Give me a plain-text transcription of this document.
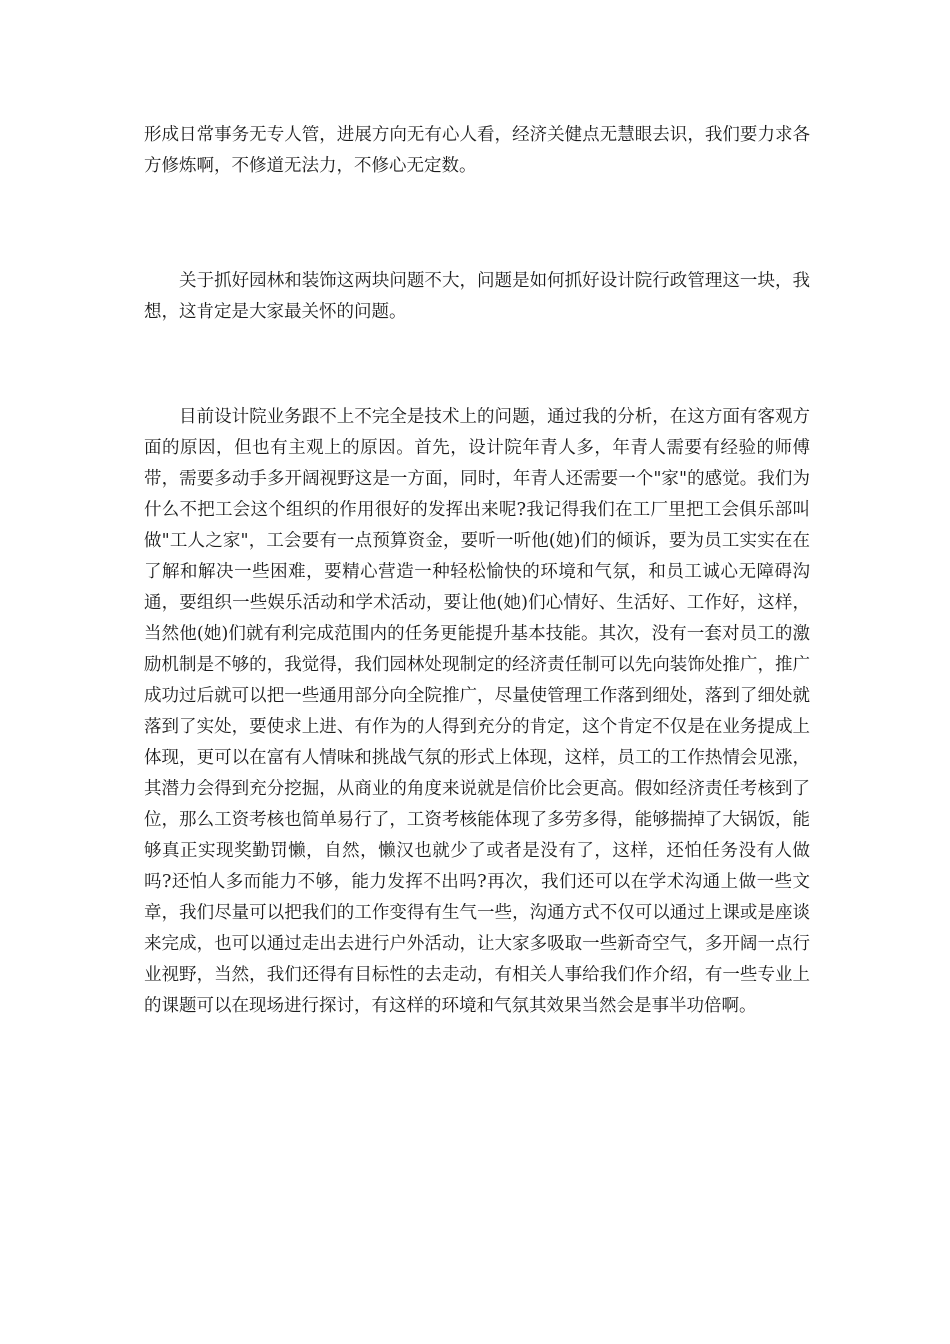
形成日常事务无专人管，进展方向无有心人看，经济关健点无慧眼去识，我们要力求各方修炼啊，不修道无法力，不修心无定数。

　　关于抓好园林和装饰这两块问题不大，问题是如何抓好设计院行政管理这一块，我想，这肯定是大家最关怀的问题。

　　目前设计院业务跟不上不完全是技术上的问题，通过我的分析，在这方面有客观方面的原因，但也有主观上的原因。首先，设计院年青人多，年青人需要有经验的师傅带，需要多动手多开阔视野这是一方面，同时，年青人还需要一个"家"的感觉。我们为什么不把工会这个组织的作用很好的发挥出来呢?我记得我们在工厂里把工会俱乐部叫做"工人之家"，工会要有一点预算资金，要听一听他(她)们的倾诉，要为员工实实在在了解和解决一些困难，要精心营造一种轻松愉快的环境和气氛，和员工诚心无障碍沟通，要组织一些娱乐活动和学术活动，要让他(她)们心情好、生活好、工作好，这样，当然他(她)们就有利完成范围内的任务更能提升基本技能。其次，没有一套对员工的激励机制是不够的，我觉得，我们园林处现制定的经济责任制可以先向装饰处推广，推广成功过后就可以把一些通用部分向全院推广，尽量使管理工作落到细处，落到了细处就落到了实处，要使求上进、有作为的人得到充分的肯定，这个肯定不仅是在业务提成上体现，更可以在富有人情味和挑战气氛的形式上体现，这样，员工的工作热情会见涨，其潜力会得到充分挖掘，从商业的角度来说就是信价比会更高。假如经济责任考核到了位，那么工资考核也简单易行了，工资考核能体现了多劳多得，能够揣掉了大锅饭，能够真正实现奖勤罚懒，自然，懒汉也就少了或者是没有了，这样，还怕任务没有人做吗?还怕人多而能力不够，能力发挥不出吗?再次，我们还可以在学术沟通上做一些文章，我们尽量可以把我们的工作变得有生气一些，沟通方式不仅可以通过上课或是座谈来完成，也可以通过走出去进行户外活动，让大家多吸取一些新奇空气，多开阔一点行业视野，当然，我们还得有目标性的去走动，有相关人事给我们作介绍，有一些专业上的课题可以在现场进行探讨，有这样的环境和气氛其效果当然会是事半功倍啊。
